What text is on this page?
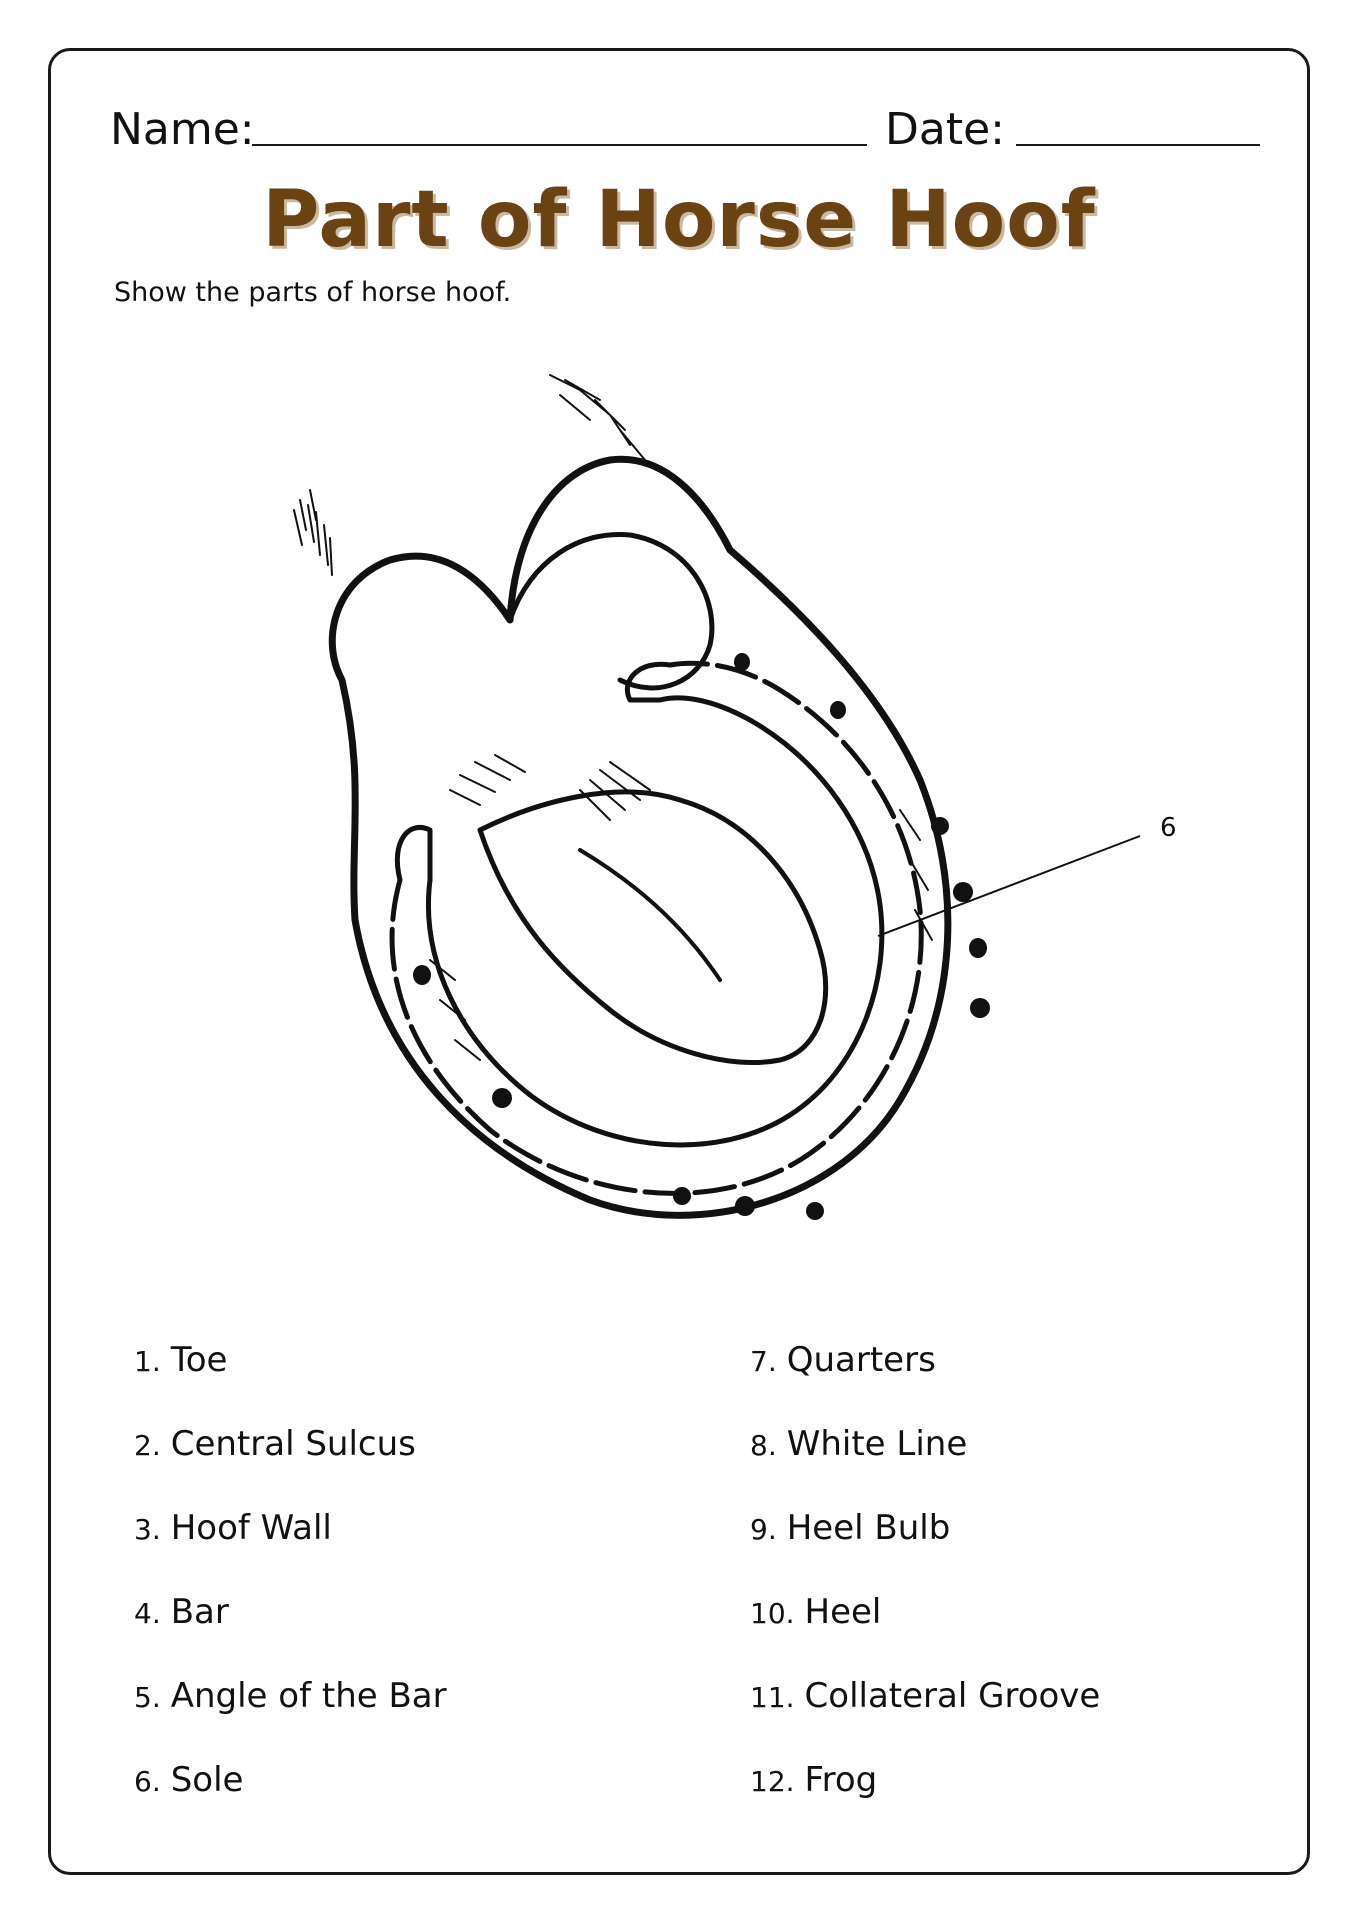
Name:	Date:
Part of Horse Hoof
Show the parts of horse hoof.
6
1. Toe
2. Central Sulcus
3. Hoof Wall
4. Bar
5. Angle of the Bar
6. Sole
7. Quarters
8. White Line
9. Heel Bulb
10. Heel
11. Collateral Groove
12. Frog
